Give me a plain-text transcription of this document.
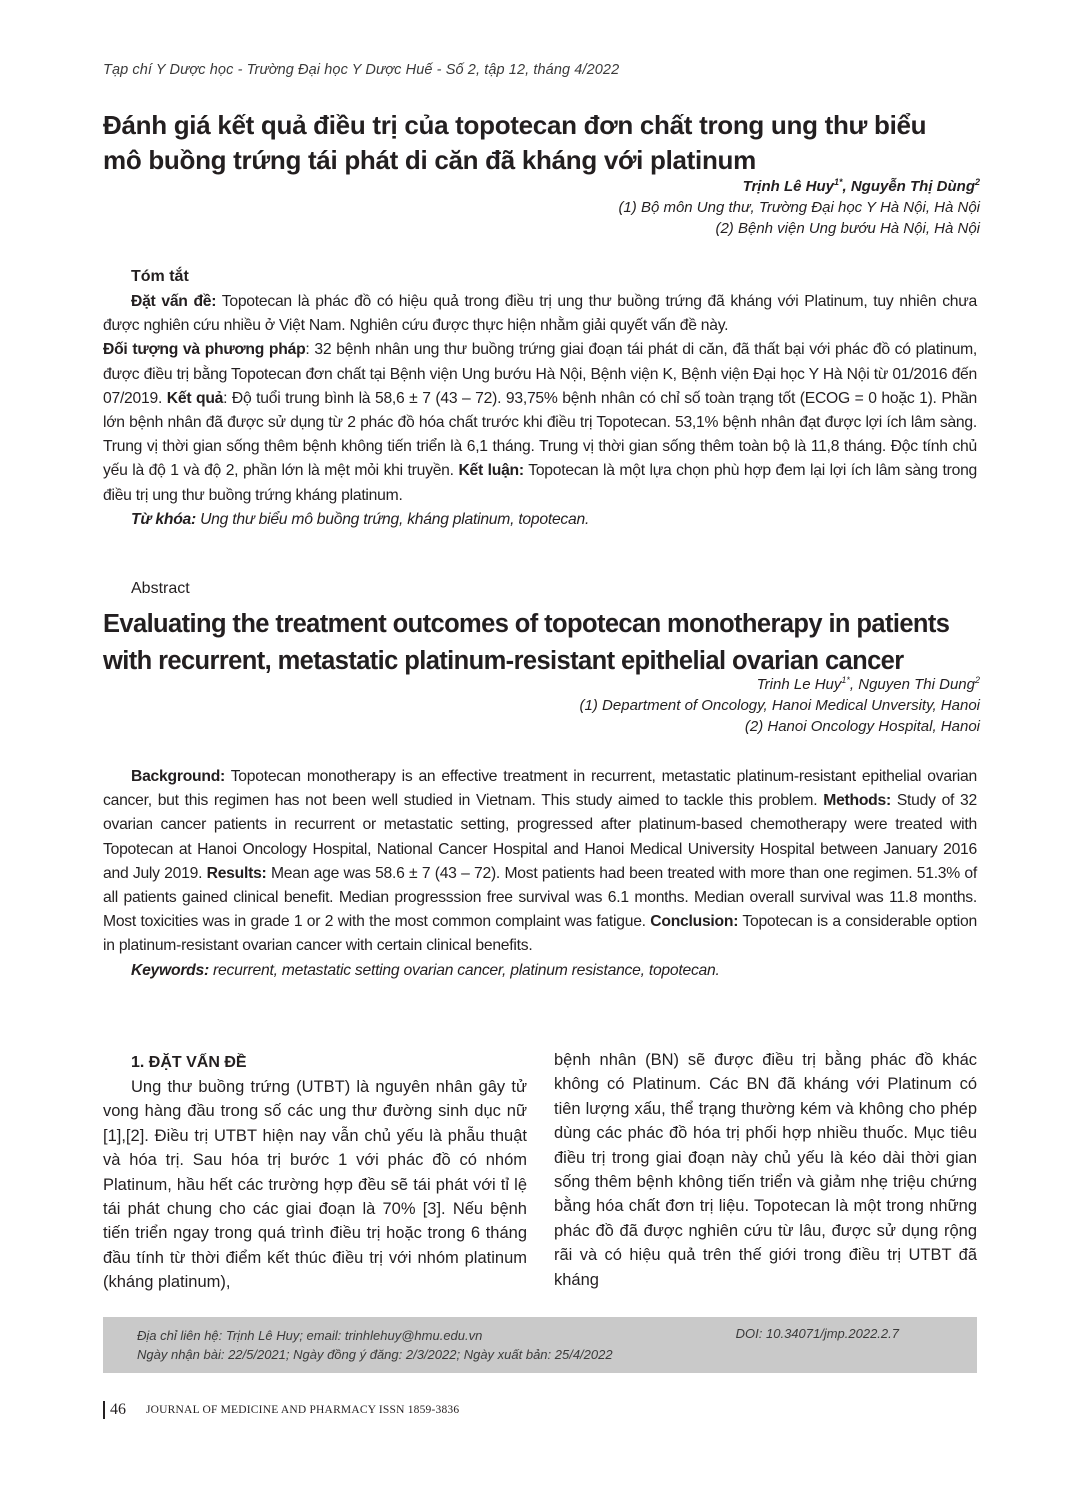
Tạp chí Y Dược học - Trường Đại học Y Dược Huế - Số 2, tập 12, tháng 4/2022
Đánh giá kết quả điều trị của topotecan đơn chất trong ung thư biểu
mô buồng trứng tái phát di căn đã kháng với platinum
Trịnh Lê Huy$^{1*}$, Nguyễn Thị Dùng$^2$
(1) Bộ môn Ung thư, Trường Đại học Y Hà Nội, Hà Nội
(2) Bệnh viện Ung bướu Hà Nội, Hà Nội
Tóm tắt

Đặt vấn đề: Topotecan là phác đồ có hiệu quả trong điều trị ung thư buồng trứng đã kháng với Platinum, tuy nhiên chưa được nghiên cứu nhiều ở Việt Nam. Nghiên cứu được thực hiện nhằm giải quyết vấn đề này.
Đối tượng và phương pháp: 32 bệnh nhân ung thư buồng trứng giai đoạn tái phát di căn, đã thất bại với phác đồ có platinum, được điều trị bằng Topotecan đơn chất tại Bệnh viện Ung bướu Hà Nội, Bệnh viện K, Bệnh viện Đại học Y Hà Nội từ 01/2016 đến 07/2019. Kết quả: Độ tuổi trung bình là 58,6 ± 7 (43 – 72). 93,75% bệnh nhân có chỉ số toàn trạng tốt (ECOG = 0 hoặc 1). Phần lớn bệnh nhân đã được sử dụng từ 2 phác đồ hóa chất trước khi điều trị Topotecan. 53,1% bệnh nhân đạt được lợi ích lâm sàng. Trung vị thời gian sống thêm bệnh không tiến triển là 6,1 tháng. Trung vị thời gian sống thêm toàn bộ là 11,8 tháng. Độc tính chủ yếu là độ 1 và độ 2, phần lớn là mệt mỏi khi truyền. Kết luận: Topotecan là một lựa chọn phù hợp đem lại lợi ích lâm sàng trong điều trị ung thư buồng trứng kháng platinum.

Từ khóa: Ung thư biểu mô buồng trứng, kháng platinum, topotecan.

Abstract
Evaluating the treatment outcomes of topotecan monotherapy in patients
with recurrent, metastatic platinum-resistant epithelial ovarian cancer
Trinh Le Huy$^{1*}$, Nguyen Thi Dung$^2$
(1) Department of Oncology, Hanoi Medical Unversity, Hanoi
(2) Hanoi Oncology Hospital, Hanoi

Background: Topotecan monotherapy is an effective treatment in recurrent, metastatic platinum-resistant epithelial ovarian cancer, but this regimen has not been well studied in Vietnam. This study aimed to tackle this problem. Methods: Study of 32 ovarian cancer patients in recurrent or metastatic setting, progressed after platinum-based chemotherapy were treated with Topotecan at Hanoi Oncology Hospital, National Cancer Hospital and Hanoi Medical University Hospital between January 2016 and July 2019. Results: Mean age was 58.6 ± 7 (43 – 72). Most patients had been treated with more than one regimen. 51.3% of all patients gained clinical benefit. Median progresssion free survival was 6.1 months. Median overall survival was 11.8 months. Most toxicities was in grade 1 or 2 with the most common complaint was fatigue. Conclusion: Topotecan is a considerable option in platinum-resistant ovarian cancer with certain clinical benefits.

Keywords: recurrent, metastatic setting ovarian cancer, platinum resistance, topotecan.

1. ĐẶT VẤN ĐỀ

Ung thư buồng trứng (UTBT) là nguyên nhân gây tử vong hàng đầu trong số các ung thư đường sinh dục nữ [1],[2]. Điều trị UTBT hiện nay vẫn chủ yếu là phẫu thuật và hóa trị. Sau hóa trị bước 1 với phác đồ có nhóm Platinum, hầu hết các trường hợp đều sẽ tái phát với tỉ lệ tái phát chung cho các giai đoạn là 70% [3]. Nếu bệnh tiến triển ngay trong quá trình điều trị hoặc trong 6 tháng đầu tính từ thời điểm kết thúc điều trị với nhóm platinum (kháng platinum),

bệnh nhân (BN) sẽ được điều trị bằng phác đồ khác không có Platinum. Các BN đã kháng với Platinum có tiên lượng xấu, thể trạng thường kém và không cho phép dùng các phác đồ hóa trị phối hợp nhiều thuốc. Mục tiêu điều trị trong giai đoạn này chủ yếu là kéo dài thời gian sống thêm bệnh không tiến triển và giảm nhẹ triệu chứng bằng hóa chất đơn trị liệu. Topotecan là một trong những phác đồ đã được nghiên cứu từ lâu, được sử dụng rộng rãi và có hiệu quả trên thế giới trong điều trị UTBT đã kháng

Địa chỉ liên hệ: Trịnh Lê Huy; email: trinhlehuy@hmu.edu.vn
Ngày nhận bài: 22/5/2021; Ngày đồng ý đăng: 2/3/2022; Ngày xuất bản: 25/4/2022
DOI: 10.34071/jmp.2022.2.7
46 JOURNAL OF MEDICINE AND PHARMACY ISSN 1859-3836
